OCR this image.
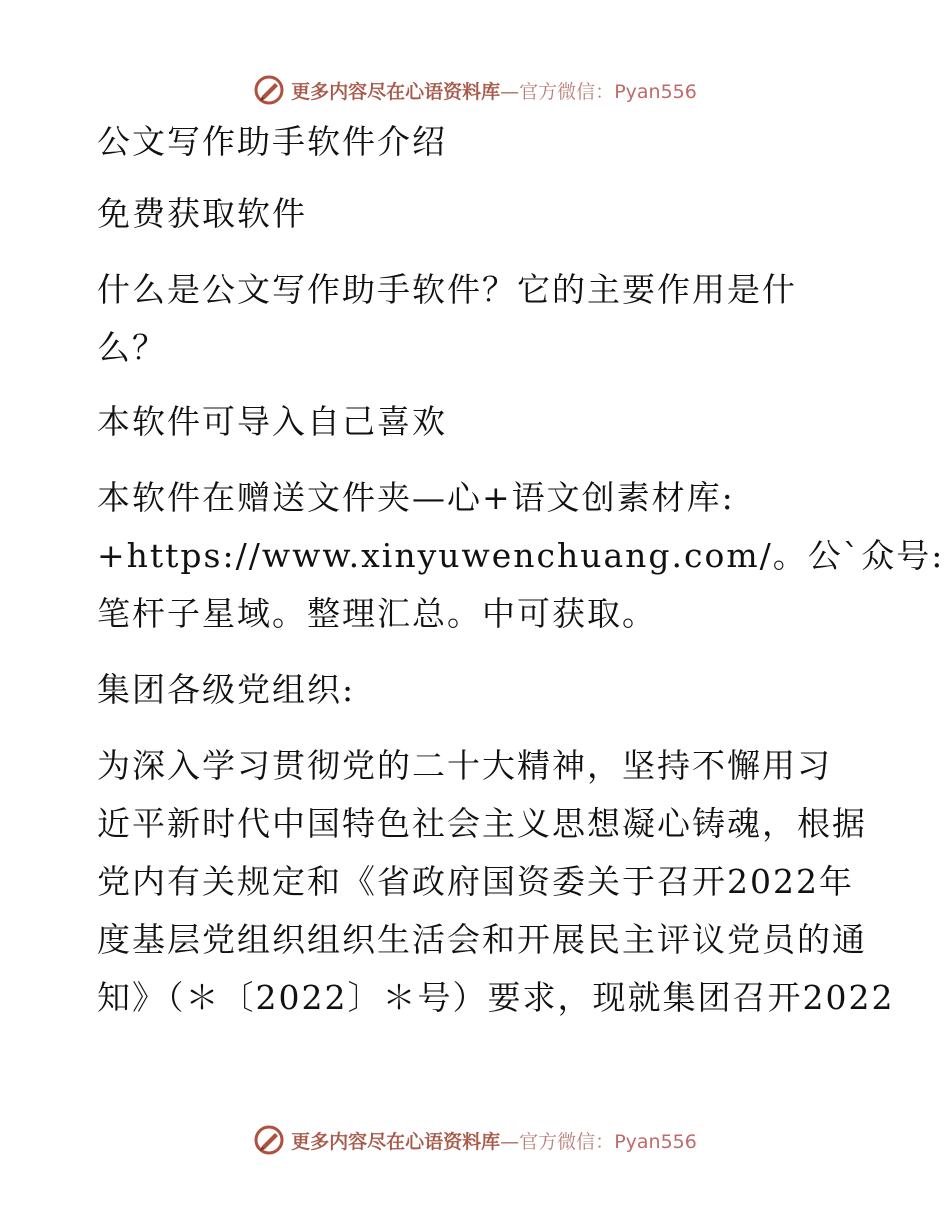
更多内容尽在心语资料库—官方微信：Pyan556
公文写作助手软件介绍
免费获取软件
什么是公文写作助手软件？它的主要作用是什
么？
本软件可导入自己喜欢
本软件在赠送文件夹—心+语文创素材库:
+https://www.xinyuwenchuang.com/。公`众号:
笔杆子星域。整理汇总。中可获取。
集团各级党组织:
为深入学习贯彻党的二十大精神，坚持不懈用习
近平新时代中国特色社会主义思想凝心铸魂，根据
党内有关规定和《省政府国资委关于召开2022年
度基层党组织组织生活会和开展民主评议党员的通
知》（＊〔2022〕＊号）要求，现就集团召开2022
更多内容尽在心语资料库—官方微信：Pyan556
